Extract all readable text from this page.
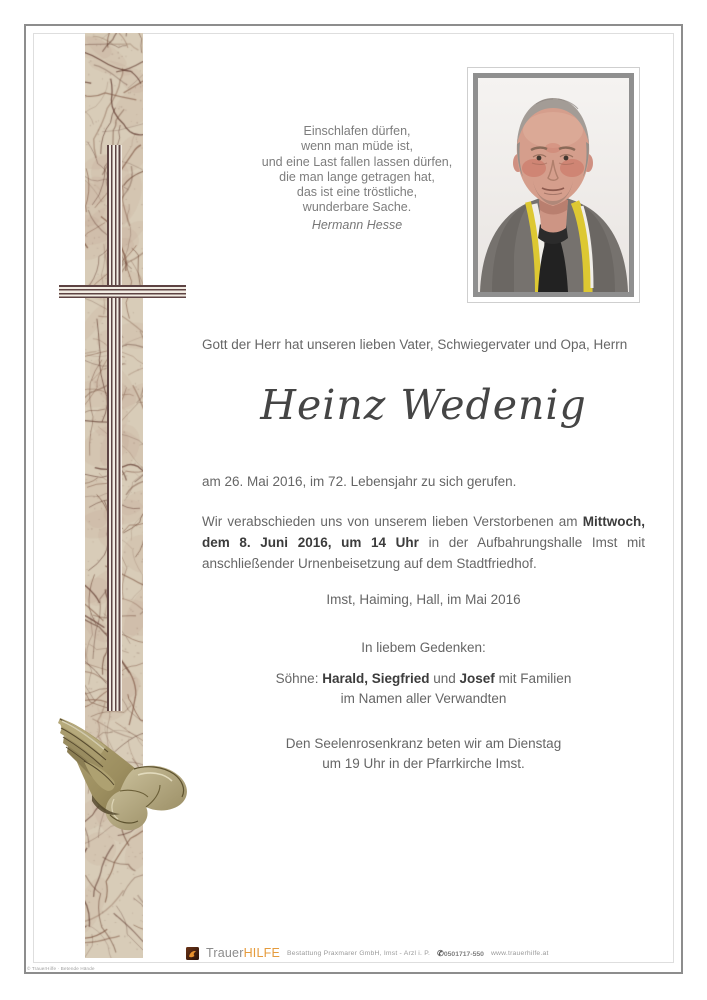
Einschlafen dürfen,
wenn man müde ist,
und eine Last fallen lassen dürfen,
die man lange getragen hat,
das ist eine tröstliche,
wunderbare Sache.
Hermann Hesse
Gott der Herr hat unseren lieben Vater, Schwiegervater und Opa, Herrn
Heinz Wedenig
am 26. Mai 2016, im 72. Lebensjahr zu sich gerufen.
Wir verabschieden uns von unserem lieben Verstorbenen am Mittwoch, dem 8. Juni 2016, um 14 Uhr in der Aufbahrungshalle Imst mit anschließender Urnenbeisetzung auf dem Stadtfriedhof.
Imst, Haiming, Hall, im Mai 2016
In liebem Gedenken:
Söhne: Harald, Siegfried und Josef mit Familien
im Namen aller Verwandten
Den Seelenrosenkranz beten wir am Dienstag
um 19 Uhr in der Pfarrkirche Imst.
TrauerHILFE Bestattung Praxmarer GmbH, Imst - Arzl i. P. ✆0501717-550 www.trauerhilfe.at
© TrauerHilfe · Betende Hände
